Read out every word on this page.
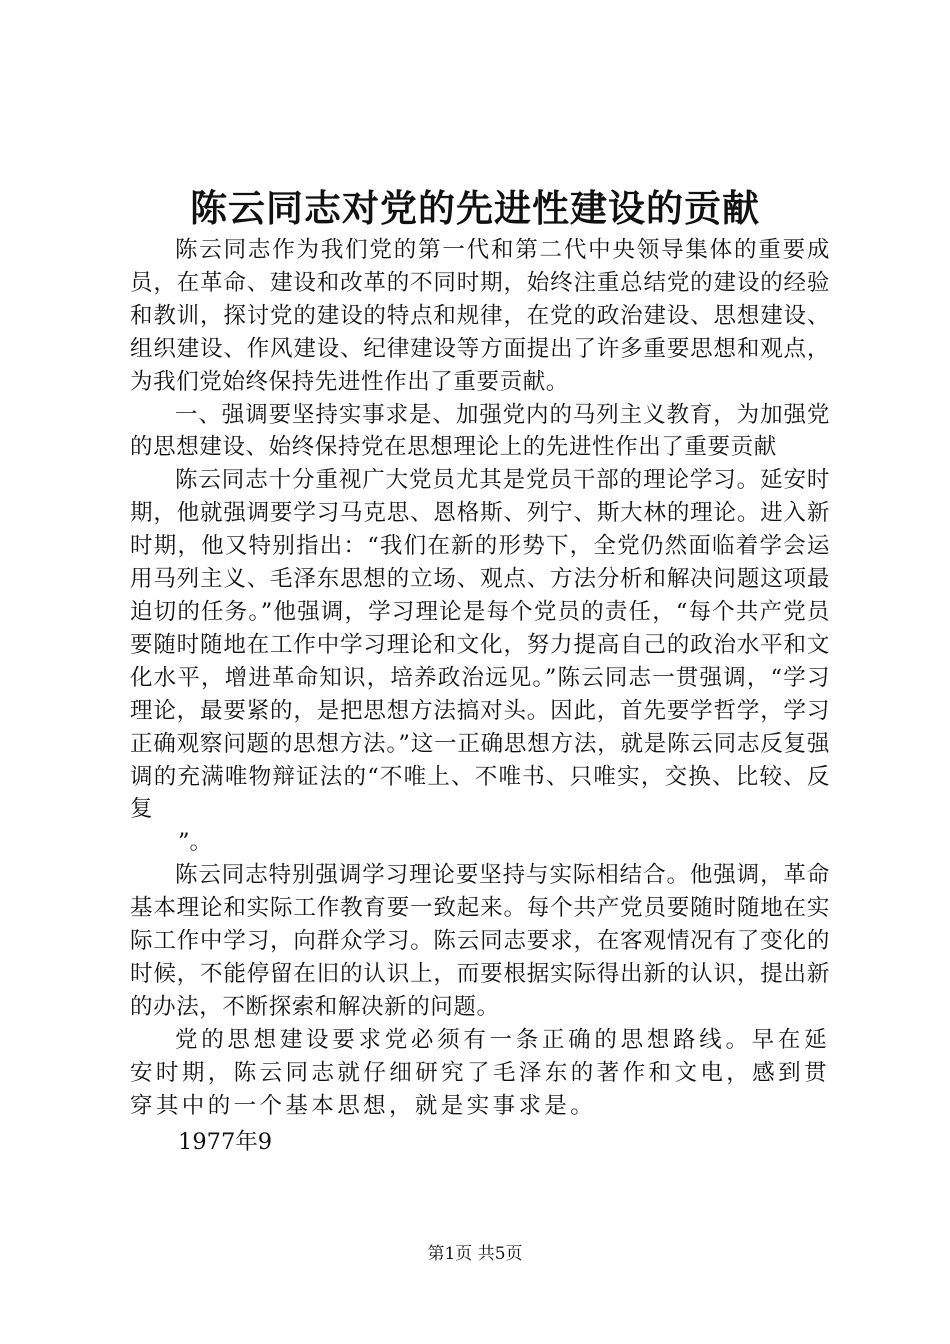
陈云同志对党的先进性建设的贡献

陈云同志作为我们党的第一代和第二代中央领导集体的重要成员，在革命、建设和改革的不同时期，始终注重总结党的建设的经验和教训，探讨党的建设的特点和规律，在党的政治建设、思想建设、组织建设、作风建设、纪律建设等方面提出了许多重要思想和观点，为我们党始终保持先进性作出了重要贡献。

一、强调要坚持实事求是、加强党内的马列主义教育，为加强党的思想建设、始终保持党在思想理论上的先进性作出了重要贡献

陈云同志十分重视广大党员尤其是党员干部的理论学习。延安时期，他就强调要学习马克思、恩格斯、列宁、斯大林的理论。进入新时期，他又特别指出：“我们在新的形势下，全党仍然面临着学会运用马列主义、毛泽东思想的立场、观点、方法分析和解决问题这项最迫切的任务。”他强调，学习理论是每个党员的责任，“每个共产党员要随时随地在工作中学习理论和文化，努力提高自己的政治水平和文化水平，增进革命知识，培养政治远见。”陈云同志一贯强调，“学习理论，最要紧的，是把思想方法搞对头。因此，首先要学哲学，学习正确观察问题的思想方法。”这一正确思想方法，就是陈云同志反复强调的充满唯物辩证法的“不唯上、不唯书、只唯实，交换、比较、反复

”。

陈云同志特别强调学习理论要坚持与实际相结合。他强调，革命基本理论和实际工作教育要一致起来。每个共产党员要随时随地在实际工作中学习，向群众学习。陈云同志要求，在客观情况有了变化的时候，不能停留在旧的认识上，而要根据实际得出新的认识，提出新的办法，不断探索和解决新的问题。

党的思想建设要求党必须有一条正确的思想路线。早在延安时期，陈云同志就仔细研究了毛泽东的著作和文电，感到贯穿其中的一个基本思想，就是实事求是。

1977年9

第1页 共5页
